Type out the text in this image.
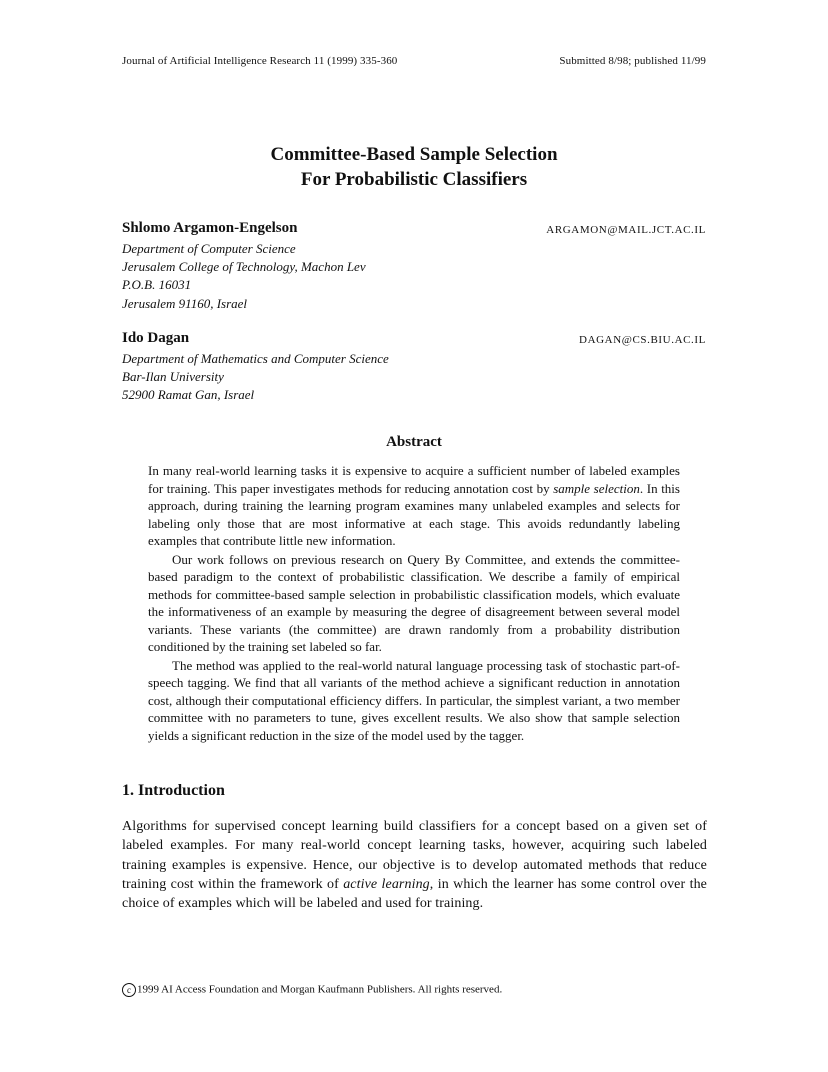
Journal of Artificial Intelligence Research 11 (1999) 335-360	Submitted 8/98; published 11/99
Committee-Based Sample Selection
For Probabilistic Classifiers
Shlomo Argamon-Engelson	ARGAMON@MAIL.JCT.AC.IL
Department of Computer Science
Jerusalem College of Technology, Machon Lev
P.O.B. 16031
Jerusalem 91160, Israel
Ido Dagan	DAGAN@CS.BIU.AC.IL
Department of Mathematics and Computer Science
Bar-Ilan University
52900 Ramat Gan, Israel
Abstract

In many real-world learning tasks it is expensive to acquire a sufficient number of labeled examples for training. This paper investigates methods for reducing annotation cost by sample selection. In this approach, during training the learning program examines many unlabeled examples and selects for labeling only those that are most informative at each stage. This avoids redundantly labeling examples that contribute little new information.

Our work follows on previous research on Query By Committee, and extends the committee-based paradigm to the context of probabilistic classification. We describe a family of empirical methods for committee-based sample selection in probabilistic classification models, which evaluate the informativeness of an example by measuring the degree of disagreement between several model variants. These variants (the committee) are drawn randomly from a probability distribution conditioned by the training set labeled so far.

The method was applied to the real-world natural language processing task of stochastic part-of-speech tagging. We find that all variants of the method achieve a significant reduction in annotation cost, although their computational efficiency differs. In particular, the simplest variant, a two member committee with no parameters to tune, gives excellent results. We also show that sample selection yields a significant reduction in the size of the model used by the tagger.

1. Introduction
Algorithms for supervised concept learning build classifiers for a concept based on a given set of labeled examples. For many real-world concept learning tasks, however, acquiring such labeled training examples is expensive. Hence, our objective is to develop automated methods that reduce training cost within the framework of active learning, in which the learner has some control over the choice of examples which will be labeled and used for training.
c 1999 AI Access Foundation and Morgan Kaufmann Publishers. All rights reserved.
